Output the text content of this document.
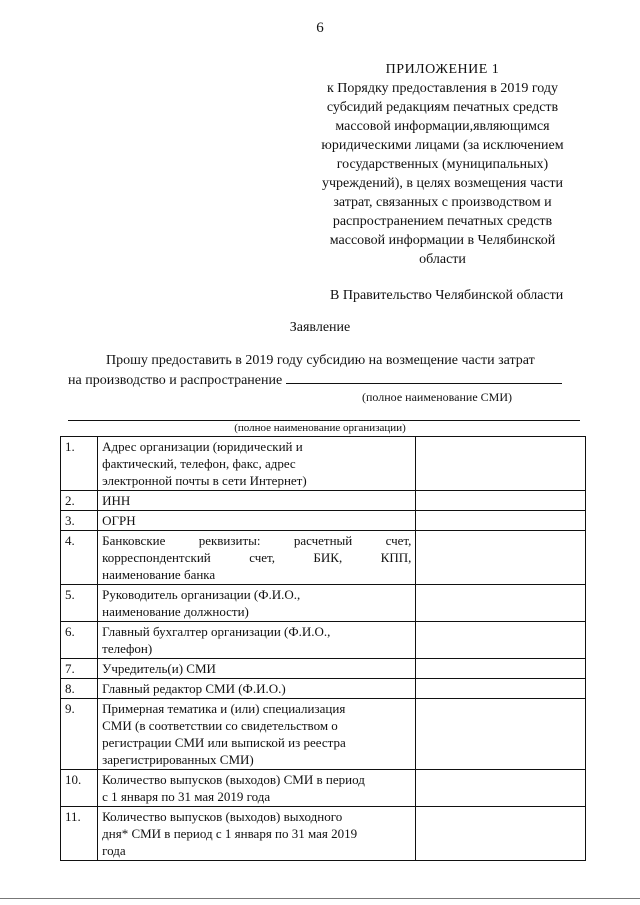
6
ПРИЛОЖЕНИЕ 1
к Порядку предоставления в 2019 году
субсидий редакциям печатных средств
массовой информации,являющимся
юридическими лицами (за исключением
государственных (муниципальных)
учреждений), в целях возмещения части
затрат, связанных с производством и
распространением печатных средств
массовой информации в Челябинской
области
В Правительство Челябинской области
Заявление
Прошу предоставить в 2019 году субсидию на возмещение части затрат
на производство и распространение
(полное наименование СМИ)
(полное наименование организации)
1.	Адрес организации (юридический и
фактический, телефон, факс, адрес
электронной почты в сети Интернет)	

2.	ИНН	

3.	ОГРН	

4.	Банковские реквизиты: расчетный счет,
корреспондентский счет, БИК, КПП,
наименование банка	

5.	Руководитель организации (Ф.И.О.,
наименование должности)	

6.	Главный бухгалтер организации (Ф.И.О.,
телефон)	

7.	Учредитель(и) СМИ	

8.	Главный редактор СМИ (Ф.И.О.)	

9.	Примерная тематика и (или) специализация
СМИ (в соответствии со свидетельством о
регистрации СМИ или выпиской из реестра
зарегистрированных СМИ)	

10.	Количество выпусков (выходов) СМИ в период
с 1 января по 31 мая 2019 года	

11.	Количество выпусков (выходов) выходного
дня* СМИ в период с 1 января по 31 мая 2019
года	
